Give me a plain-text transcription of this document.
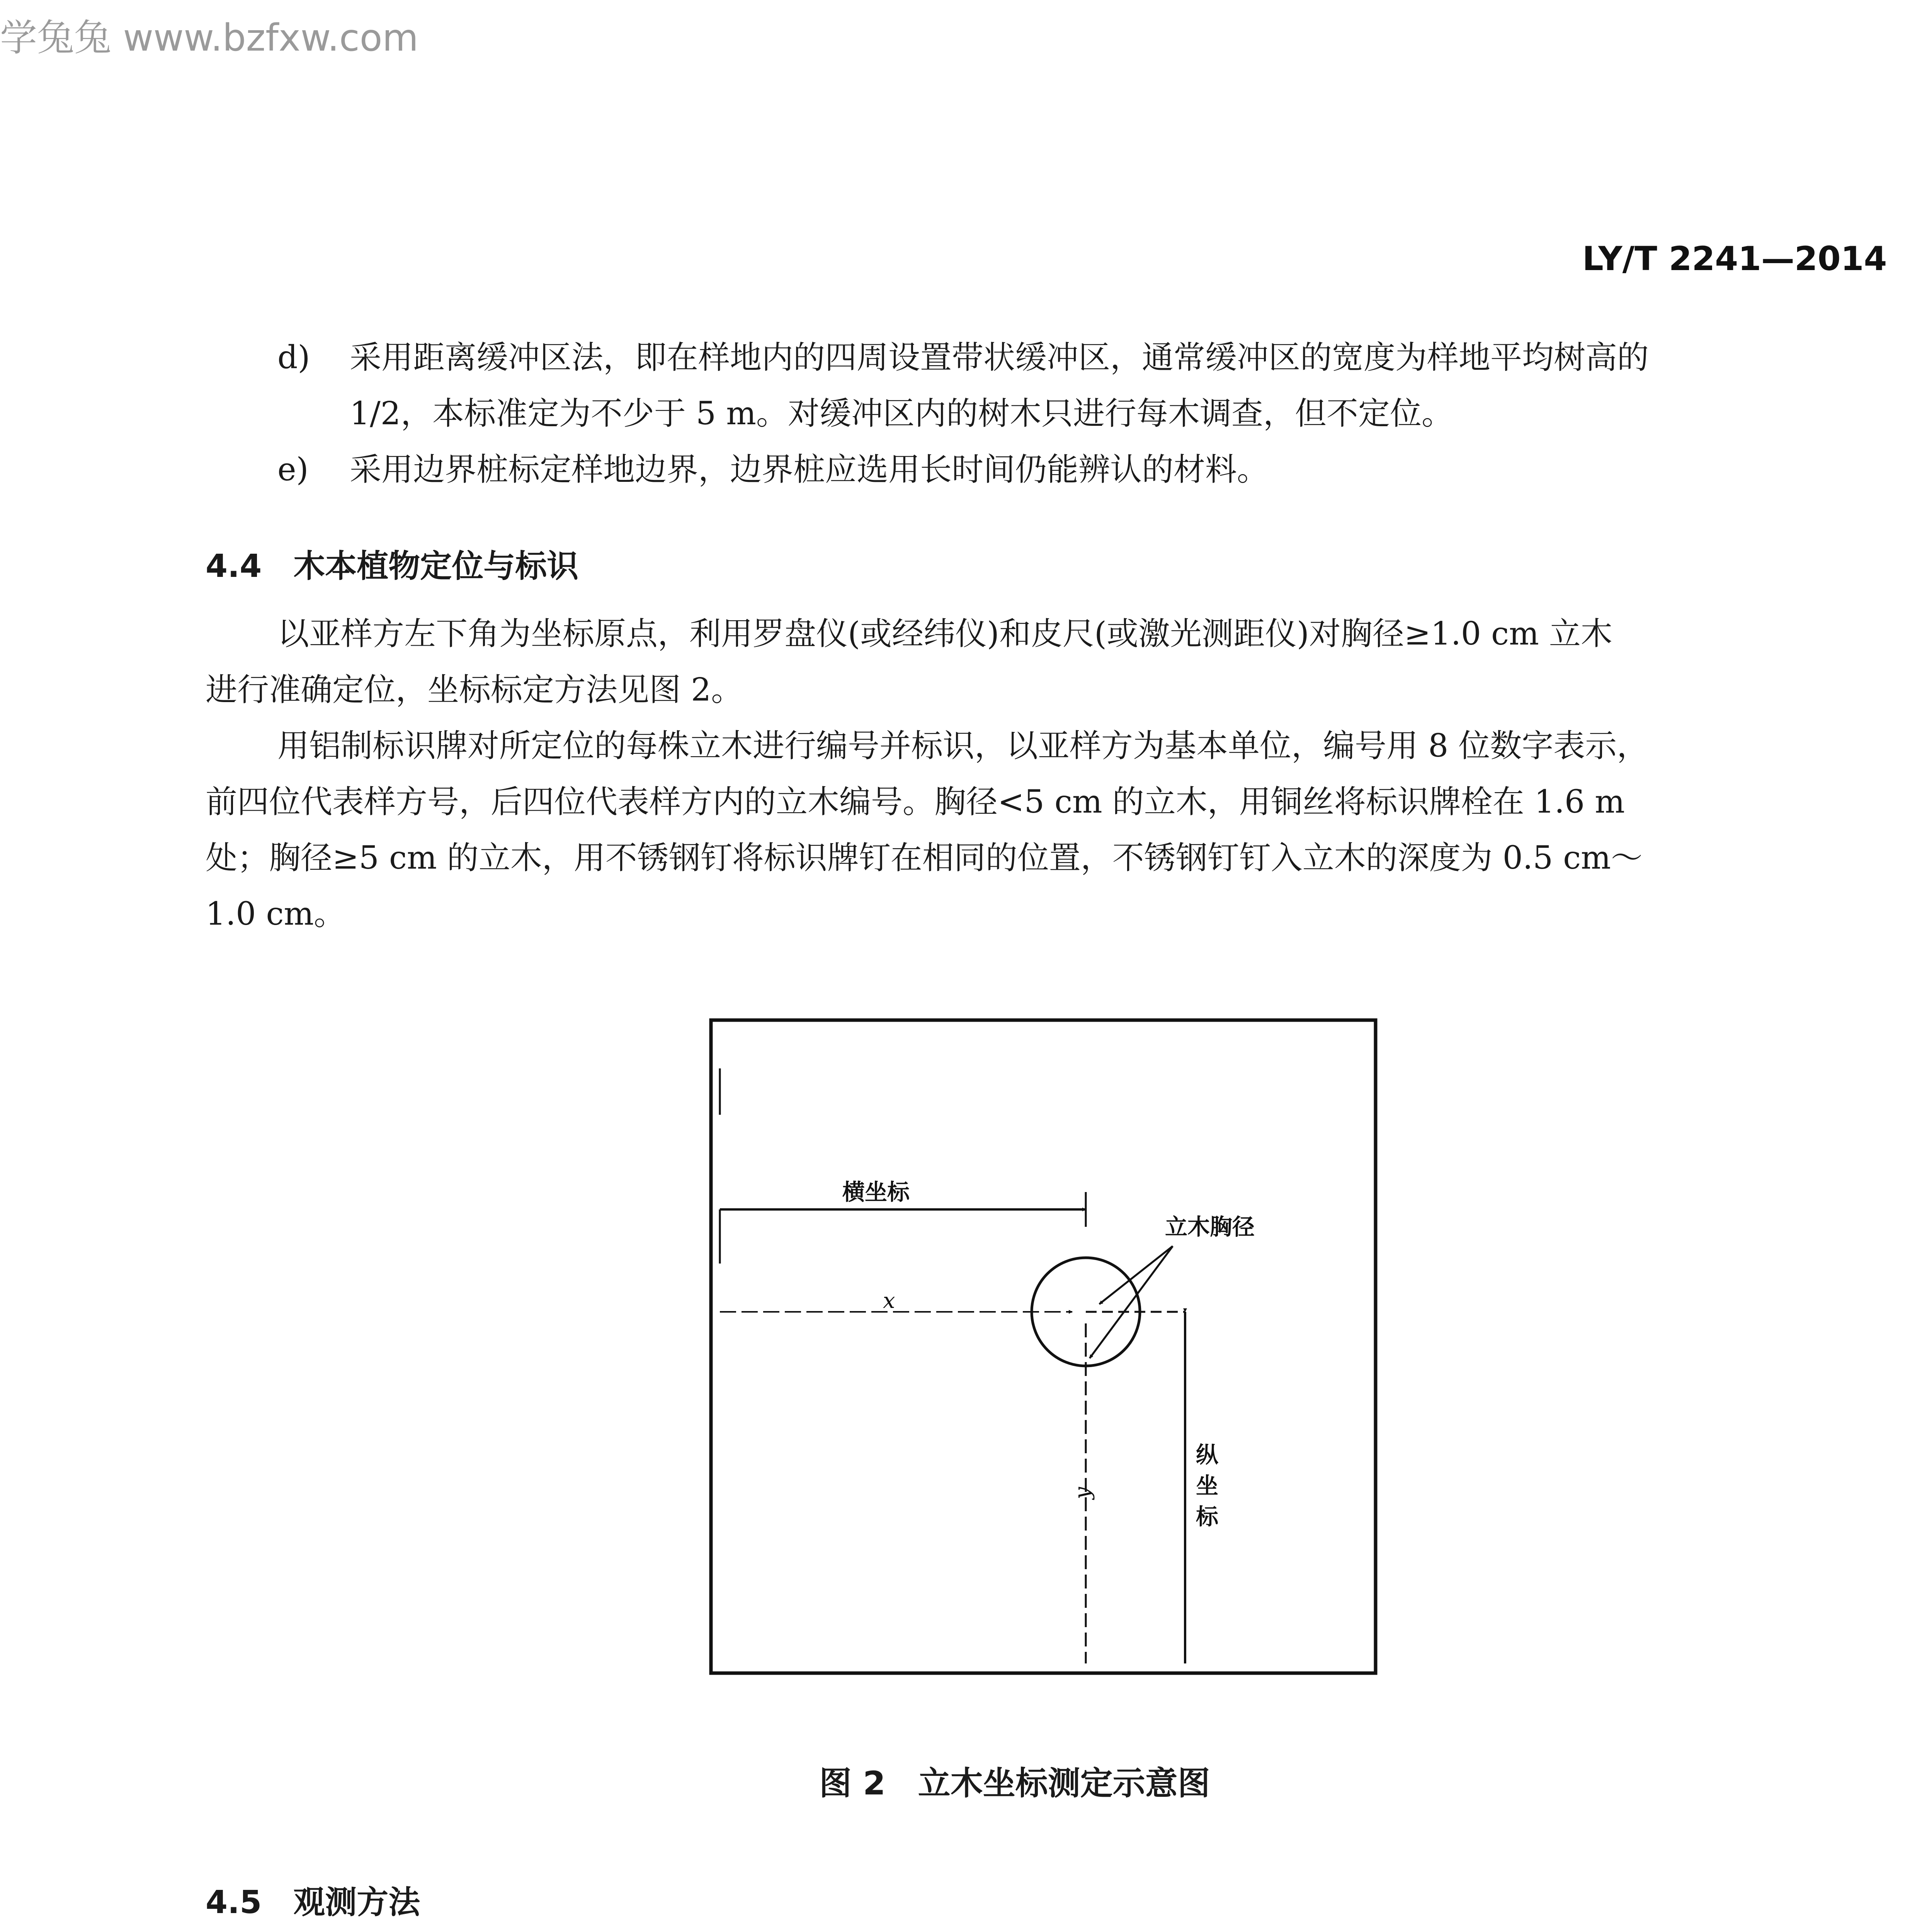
学兔兔 www.bzfxw.com
LY/T 2241—2014
d) 采用距离缓冲区法，即在样地内的四周设置带状缓冲区，通常缓冲区的宽度为样地平均树高的
1/2，本标准定为不少于 5 m。对缓冲区内的树木只进行每木调查，但不定位。
e) 采用边界桩标定样地边界，边界桩应选用长时间仍能辨认的材料。
4.4　木本植物定位与标识
以亚样方左下角为坐标原点，利用罗盘仪(或经纬仪)和皮尺(或激光测距仪)对胸径≥1.0 cm 立木
进行准确定位，坐标标定方法见图 2。
用铝制标识牌对所定位的每株立木进行编号并标识，以亚样方为基本单位，编号用 8 位数字表示，
前四位代表样方号，后四位代表样方内的立木编号。胸径<5 cm 的立木，用铜丝将标识牌栓在 1.6 m
处；胸径≥5 cm 的立木，用不锈钢钉将标识牌钉在相同的位置，不锈钢钉钉入立木的深度为 0.5 cm～
1.0 cm。
横坐标
x
立木胸径
y
纵
坐
标
图 2　立木坐标测定示意图
4.5　观测方法
